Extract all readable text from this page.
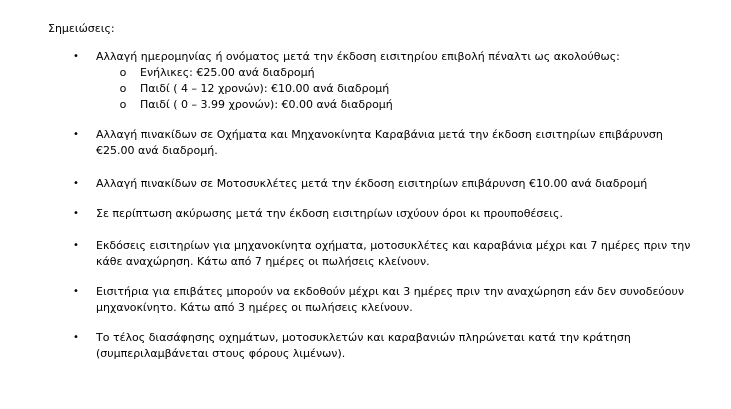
Σημειώσεις:
• Αλλαγή ημερομηνίας ή ονόματος μετά την έκδοση εισιτηρίου επιβολή πέναλτι ως ακολούθως:
o Ενήλικες: €25.00 ανά διαδρομή
o Παιδί ( 4 – 12 χρονών): €10.00 ανά διαδρομή
o Παιδί ( 0 – 3.99 χρονών): €0.00 ανά διαδρομή
• Αλλαγή πινακίδων σε Οχήματα και Μηχανοκίνητα Καραβάνια μετά την έκδοση εισιτηρίων επιβάρυνση €25.00 ανά διαδρομή.
• Αλλαγή πινακίδων σε Μοτοσυκλέτες μετά την έκδοση εισιτηρίων επιβάρυνση €10.00 ανά διαδρομή
• Σε περίπτωση ακύρωσης μετά την έκδοση εισιτηρίων ισχύουν όροι κι προυποθέσεις.
• Εκδόσεις εισιτηρίων για μηχανοκίνητα οχήματα, μοτοσυκλέτες και καραβάνια μέχρι και 7 ημέρες πριν την κάθε αναχώρηση. Κάτω από 7 ημέρες οι πωλήσεις κλείνουν.
• Εισιτήρια για επιβάτες μπορούν να εκδοθούν μέχρι και 3 ημέρες πριν την αναχώρηση εάν δεν συνοδεύουν μηχανοκίνητο. Κάτω από 3 ημέρες οι πωλήσεις κλείνουν.
• Το τέλος διασάφησης οχημάτων, μοτοσυκλετών και καραβανιών πληρώνεται κατά την κράτηση (συμπεριλαμβάνεται στους φόρους λιμένων).
